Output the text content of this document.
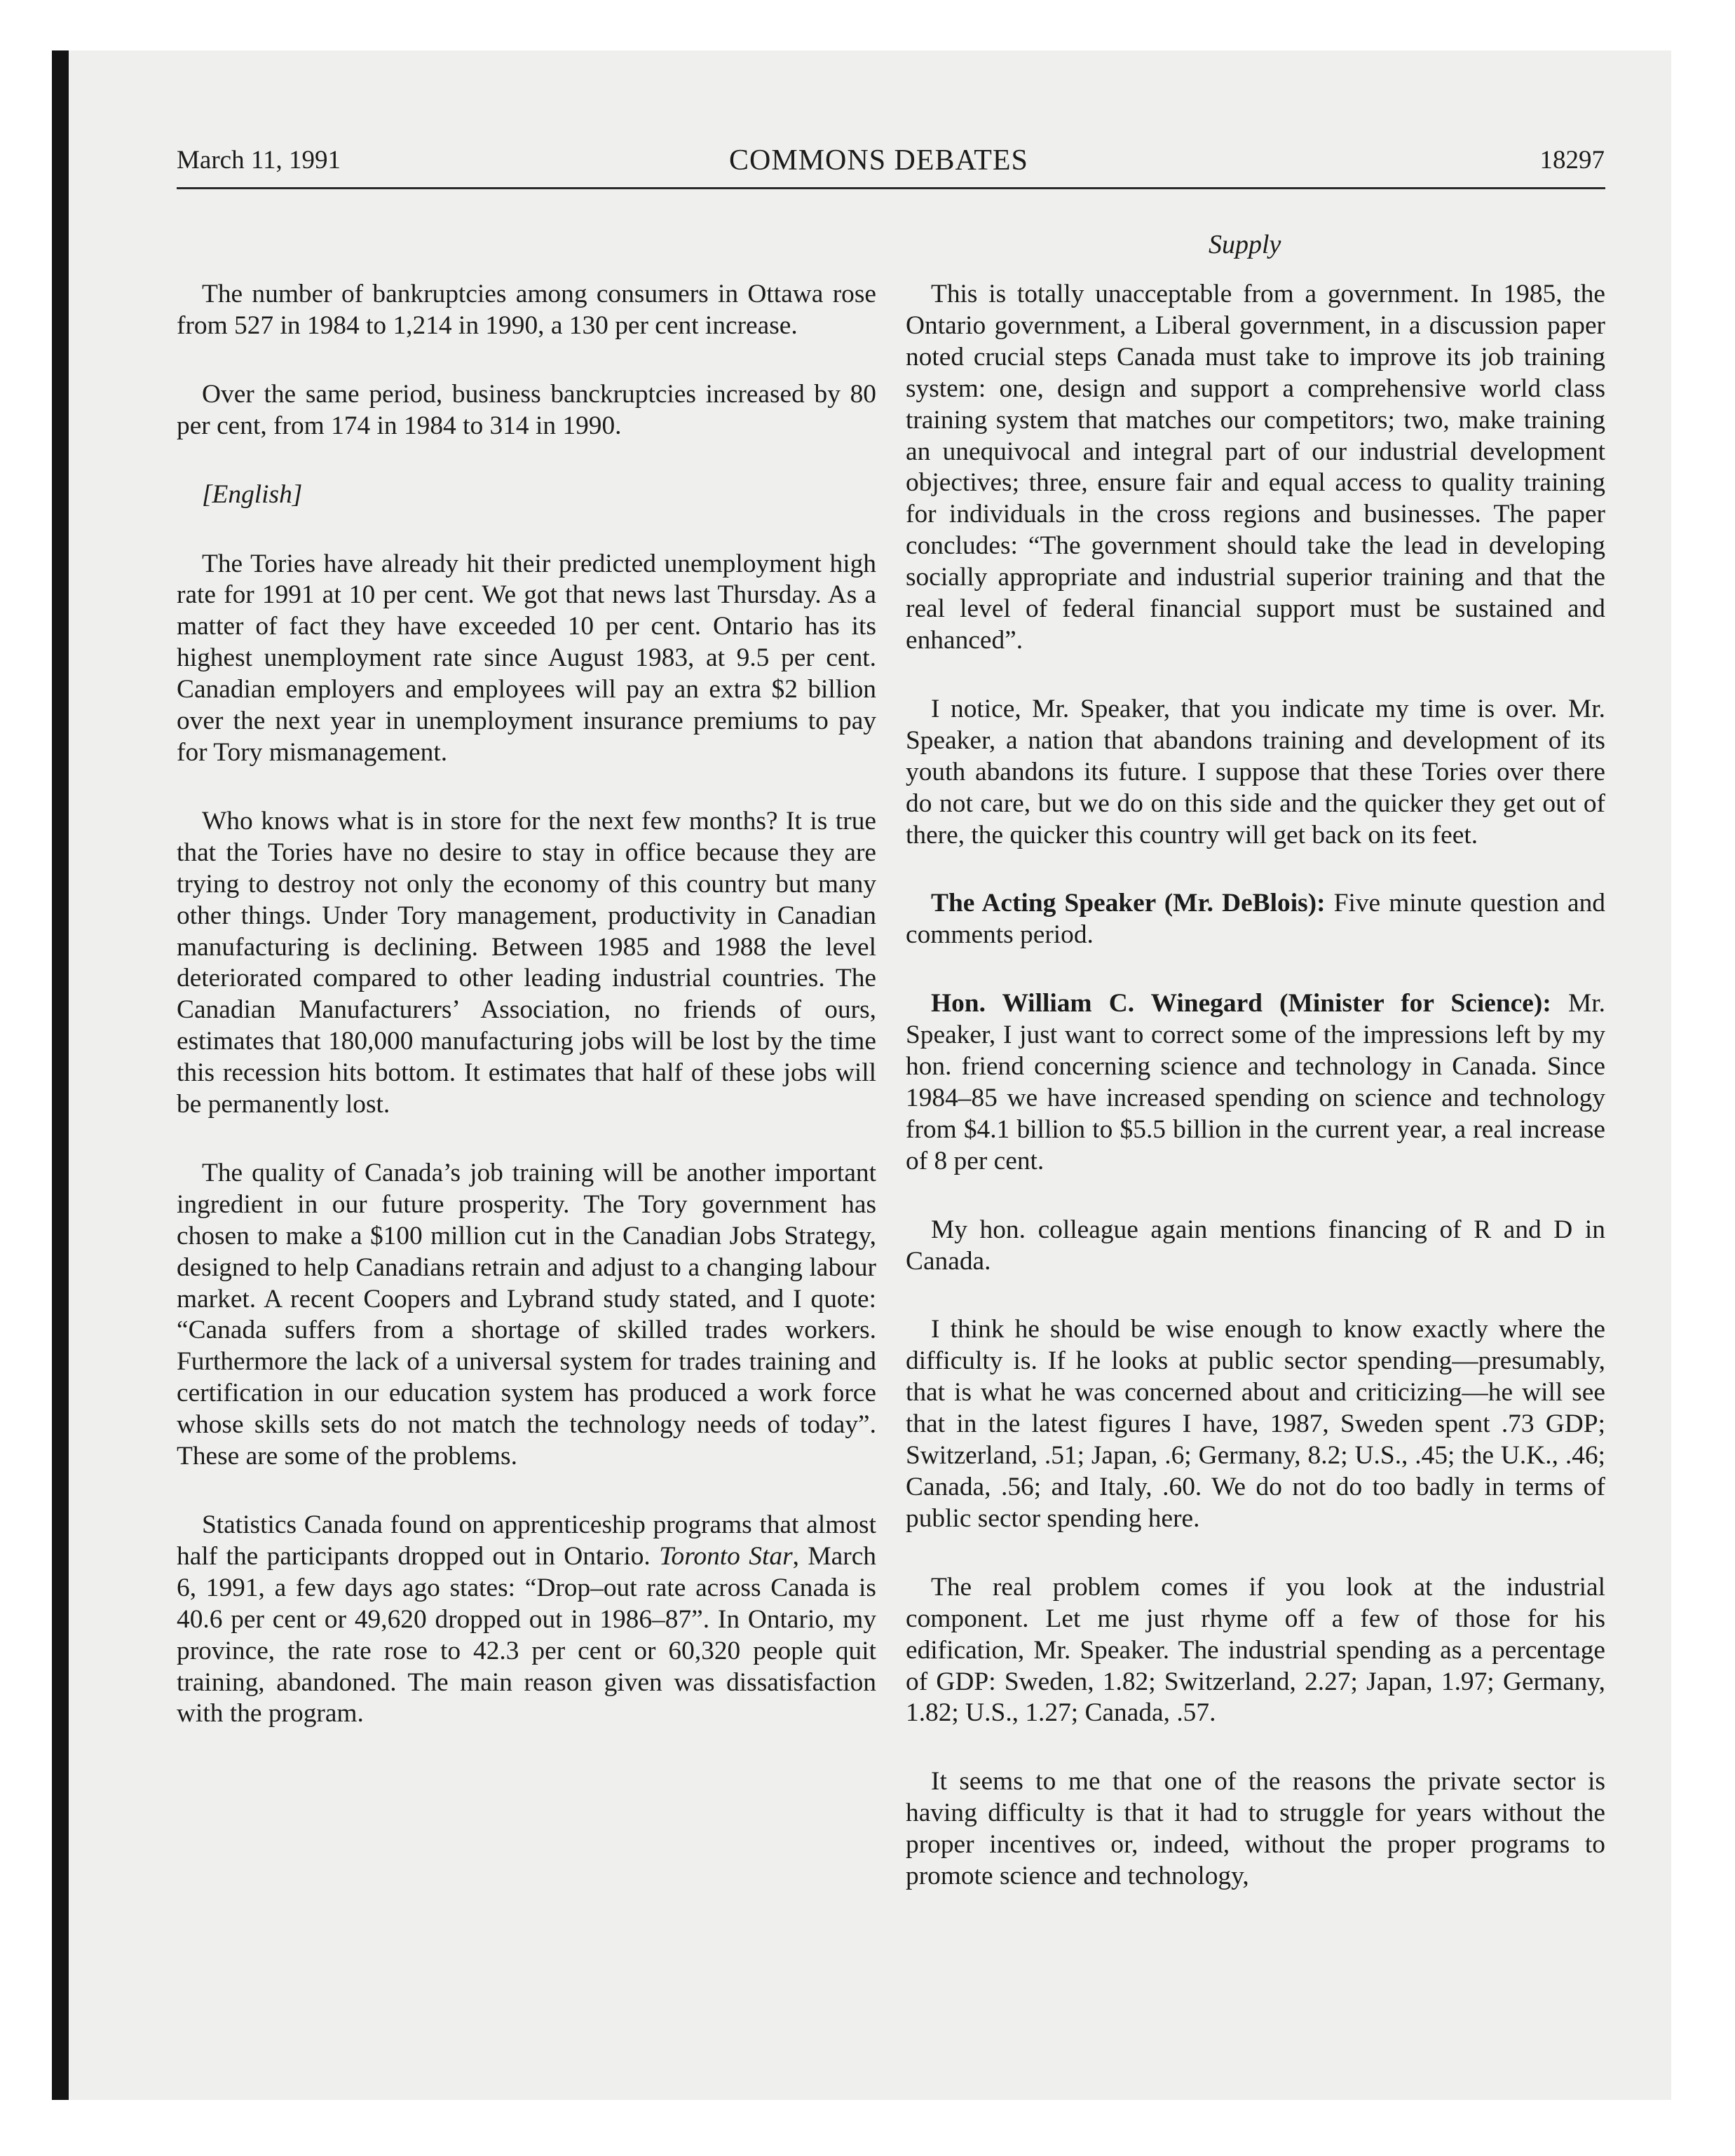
March 11, 1991	COMMONS DEBATES	18297
Supply

The number of bankruptcies among consumers in Ottawa rose from 527 in 1984 to 1,214 in 1990, a 130 per cent increase.

Over the same period, business banckruptcies increased by 80 per cent, from 174 in 1984 to 314 in 1990.

[English]

The Tories have already hit their predicted unemployment high rate for 1991 at 10 per cent. We got that news last Thursday. As a matter of fact they have exceeded 10 per cent. Ontario has its highest unemployment rate since August 1983, at 9.5 per cent. Canadian employers and employees will pay an extra $2 billion over the next year in unemployment insurance premiums to pay for Tory mismanagement.

Who knows what is in store for the next few months? It is true that the Tories have no desire to stay in office because they are trying to destroy not only the economy of this country but many other things. Under Tory management, productivity in Canadian manufacturing is declining. Between 1985 and 1988 the level deteriorated compared to other leading industrial countries. The Canadian Manufacturers’ Association, no friends of ours, estimates that 180,000 manufacturing jobs will be lost by the time this recession hits bottom. It estimates that half of these jobs will be permanently lost.

The quality of Canada’s job training will be another important ingredient in our future prosperity. The Tory government has chosen to make a $100 million cut in the Canadian Jobs Strategy, designed to help Canadians retrain and adjust to a changing labour market. A recent Coopers and Lybrand study stated, and I quote: “Canada suffers from a shortage of skilled trades workers. Furthermore the lack of a universal system for trades training and certification in our education system has produced a work force whose skills sets do not match the technology needs of today”. These are some of the problems.

Statistics Canada found on apprenticeship programs that almost half the participants dropped out in Ontario. Toronto Star, March 6, 1991, a few days ago states: “Drop–out rate across Canada is 40.6 per cent or 49,620 dropped out in 1986–87”. In Ontario, my province, the rate rose to 42.3 per cent or 60,320 people quit training, abandoned. The main reason given was dissatisfaction with the program.

This is totally unacceptable from a government. In 1985, the Ontario government, a Liberal government, in a discussion paper noted crucial steps Canada must take to improve its job training system: one, design and support a comprehensive world class training system that matches our competitors; two, make training an unequivocal and integral part of our industrial development objectives; three, ensure fair and equal access to quality training for individuals in the cross regions and businesses. The paper concludes: “The government should take the lead in developing socially appropriate and industrial superior training and that the real level of federal financial support must be sustained and enhanced”.

I notice, Mr. Speaker, that you indicate my time is over. Mr. Speaker, a nation that abandons training and development of its youth abandons its future. I suppose that these Tories over there do not care, but we do on this side and the quicker they get out of there, the quicker this country will get back on its feet.

The Acting Speaker (Mr. DeBlois): Five minute question and comments period.

Hon. William C. Winegard (Minister for Science): Mr. Speaker, I just want to correct some of the impressions left by my hon. friend concerning science and technology in Canada. Since 1984–85 we have increased spending on science and technology from $4.1 billion to $5.5 billion in the current year, a real increase of 8 per cent.

My hon. colleague again mentions financing of R and D in Canada.

I think he should be wise enough to know exactly where the difficulty is. If he looks at public sector spending—presumably, that is what he was concerned about and criticizing—he will see that in the latest figures I have, 1987, Sweden spent .73 GDP; Switzerland, .51; Japan, .6; Germany, 8.2; U.S., .45; the U.K., .46; Canada, .56; and Italy, .60. We do not do too badly in terms of public sector spending here.

The real problem comes if you look at the industrial component. Let me just rhyme off a few of those for his edification, Mr. Speaker. The industrial spending as a percentage of GDP: Sweden, 1.82; Switzerland, 2.27; Japan, 1.97; Germany, 1.82; U.S., 1.27; Canada, .57.

It seems to me that one of the reasons the private sector is having difficulty is that it had to struggle for years without the proper incentives or, indeed, without the proper programs to promote science and technology,
